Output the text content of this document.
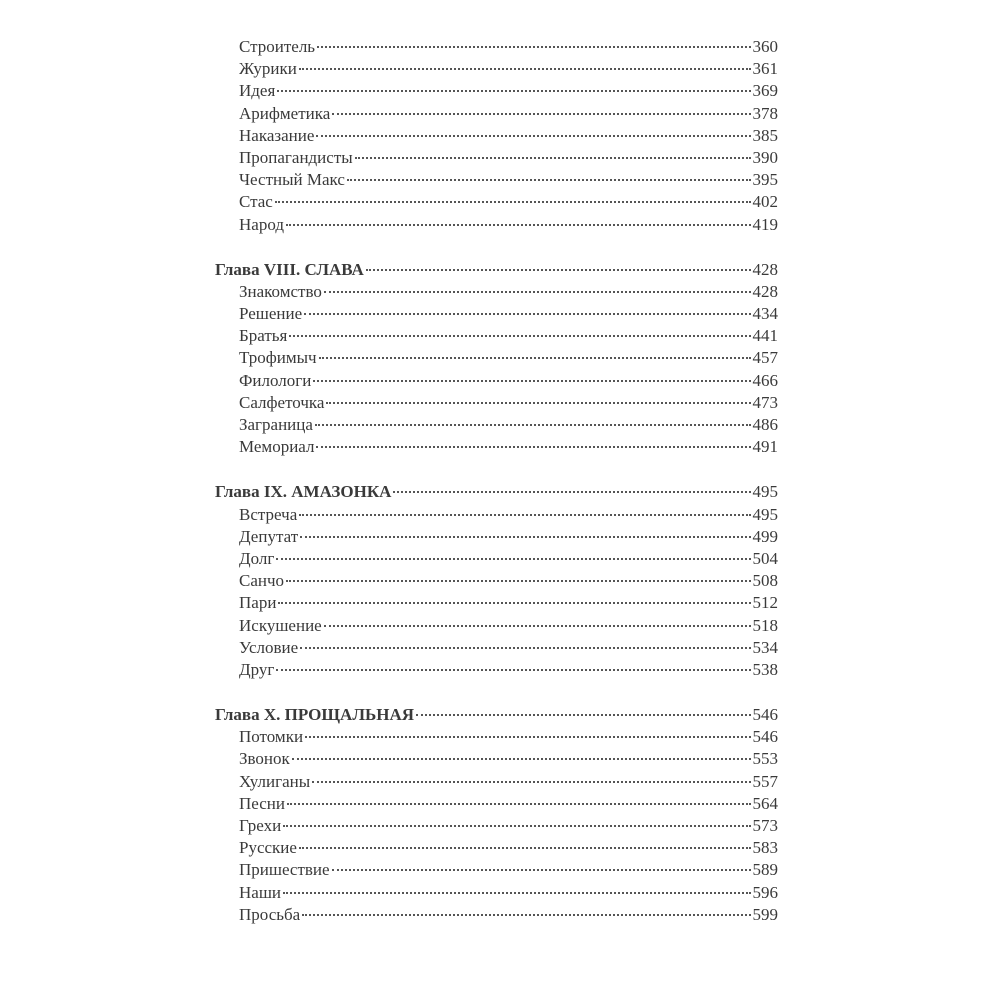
Строитель	360
Журики	361
Идея	369
Арифметика	378
Наказание	385
Пропагандисты	390
Честный Макс	395
Стас	402
Народ	419
Глава VIII. СЛАВА	428
Знакомство	428
Решение	434
Братья	441
Трофимыч	457
Филологи	466
Салфеточка	473
Заграница	486
Мемориал	491
Глава IX. АМАЗОНКА	495
Встреча	495
Депутат	499
Долг	504
Санчо	508
Пари	512
Искушение	518
Условие	534
Друг	538
Глава X. ПРОЩАЛЬНАЯ	546
Потомки	546
Звонок	553
Хулиганы	557
Песни	564
Грехи	573
Русские	583
Пришествие	589
Наши	596
Просьба	599
